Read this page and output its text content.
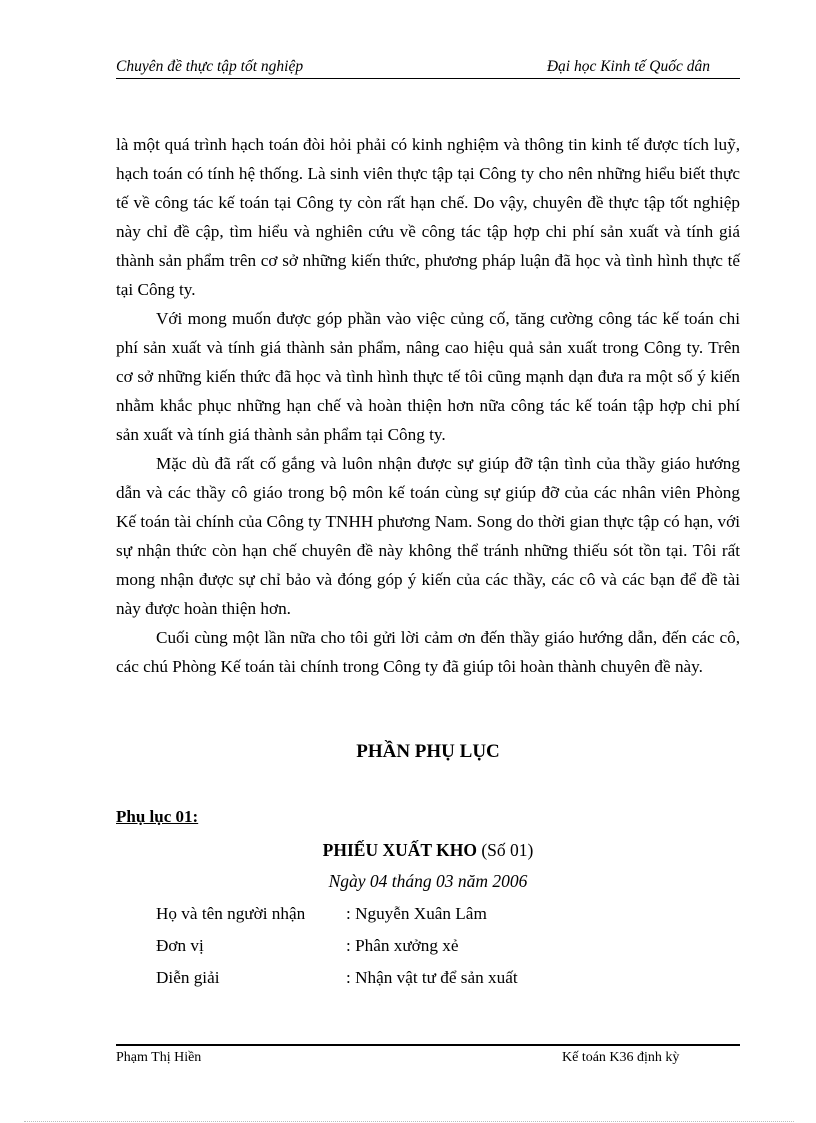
Chuyên đề thực tập tốt nghiệp	Đại học Kinh tế Quốc dân

là một quá trình hạch toán đòi hỏi phải có kinh nghiệm và thông tin kinh tế được tích luỹ, hạch toán có tính hệ thống. Là sinh viên thực tập tại Công ty cho nên những hiểu biết thực tế về công tác kế toán tại Công ty còn rất hạn chế. Do vậy, chuyên đề thực tập tốt nghiệp này chỉ đề cập, tìm hiểu và nghiên cứu về công tác tập hợp chi phí sản xuất và tính giá thành sản phẩm trên cơ sở những kiến thức, phương pháp luận đã học và tình hình thực tế tại Công ty.

Với mong muốn được góp phần vào việc củng cố, tăng cường công tác kế toán chi phí sản xuất và tính giá thành sản phẩm, nâng cao hiệu quả sản xuất trong Công ty. Trên cơ sở những kiến thức đã học và tình hình thực tế tôi cũng mạnh dạn đưa ra một số ý kiến nhằm khắc phục những hạn chế và hoàn thiện hơn nữa công tác kế toán tập hợp chi phí sản xuất và tính giá thành sản phẩm tại Công ty.

Mặc dù đã rất cố gắng và luôn nhận được sự giúp đỡ tận tình của thầy giáo hướng dẫn và các thầy cô giáo trong bộ môn kế toán cùng sự giúp đỡ của các nhân viên Phòng Kế toán tài chính của Công ty TNHH phương Nam. Song do thời gian thực tập có hạn, với sự nhận thức còn hạn chế chuyên đề này không thể tránh những thiếu sót tồn tại. Tôi rất mong nhận được sự chỉ bảo và đóng góp ý kiến của các thầy, các cô và các bạn để đề tài này được hoàn thiện hơn.

Cuối cùng một lần nữa cho tôi gửi lời cảm ơn đến thầy giáo hướng dẫn, đến các cô, các chú Phòng Kế toán tài chính trong Công ty đã giúp tôi hoàn thành chuyên đề này.

PHẦN PHỤ LỤC
Phụ lục 01:
PHIẾU XUẤT KHO (Số 01)
Ngày 04 tháng 03 năm 2006
Họ và tên người nhận : Nguyễn Xuân Lâm
Đơn vị	: Phân xưởng xẻ
Diễn giải	: Nhận vật tư để sản xuất
Phạm Thị Hiền	Kế toán K36 định kỳ
